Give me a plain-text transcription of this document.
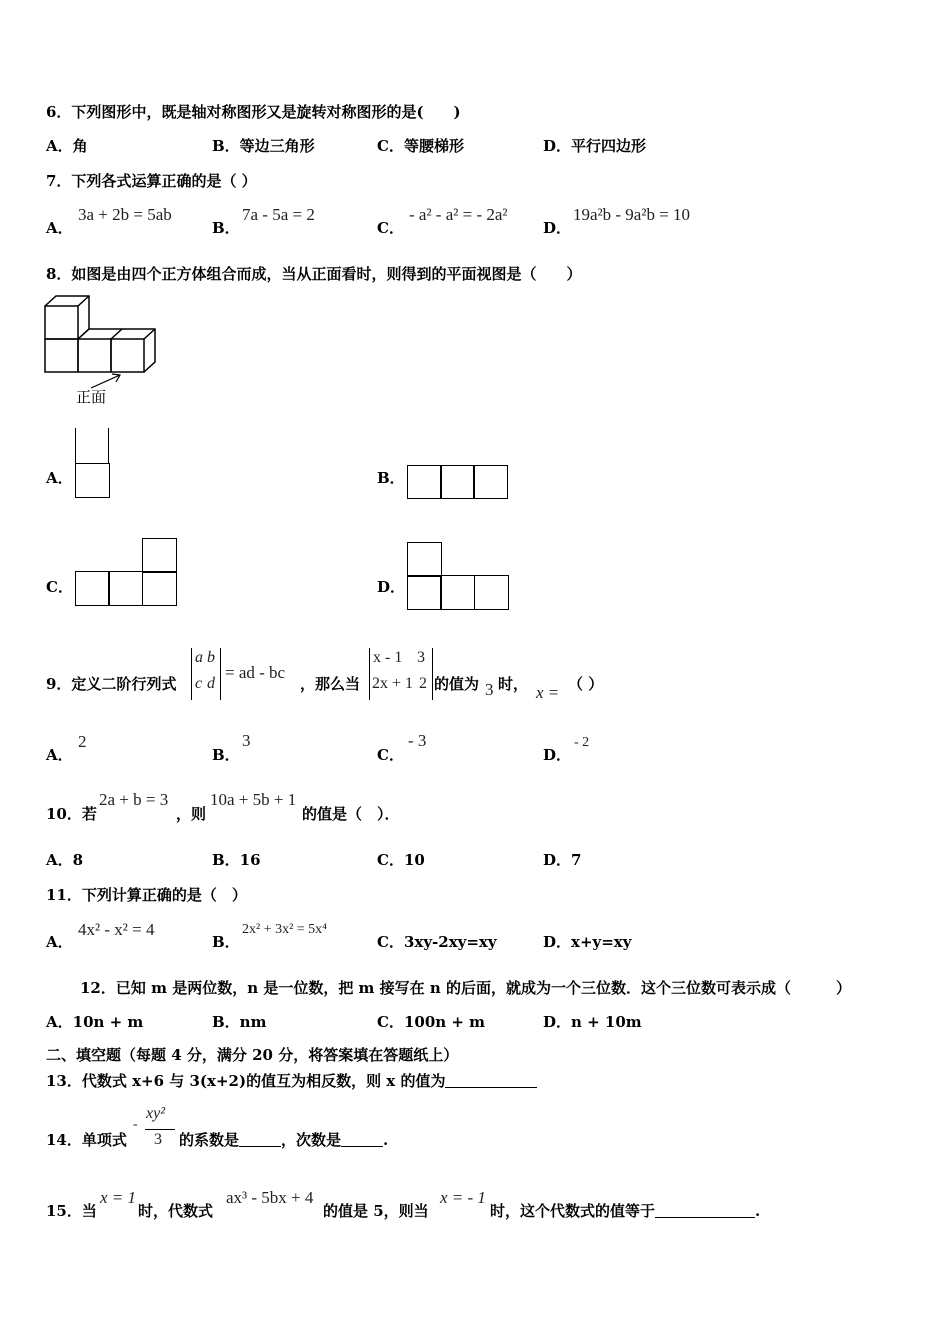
6．下列图形中，既是轴对称图形又是旋转对称图形的是(　　)
A．角	B．等边三角形	C．等腰梯形	D．平行四边形
7．下列各式运算正确的是（ ）
A．
3a + 2b = 5ab
B．
7a - 5a = 2
C．
- a² - a² = - 2a²
D．
19a²b - 9a²b = 10
8．如图是由四个正方体组合而成，当从正面看时，则得到的平面视图是（　　）
正面
A．	B．
C．	D．
9．定义二阶行列式
a b
c d
= ad - bc
，那么当
x - 1 3
2x + 1 2 的值为 3 时， x = （ ）
A．
2
B．
3
C．
- 3
D．
- 2
10．若
2a + b = 3
，则
10a + 5b + 1
的值是（　）．
A．8	B．16	C．10	D．7
11．下列计算正确的是（　）
A．
4x² - x² = 4
B．
2x² + 3x² = 5x⁴
C．3xy-2xy=xy	D．x+y=xy
12．已知 m 是两位数，n 是一位数，把 m 接写在 n 的后面，就成为一个三位数．这个三位数可表示成（　　　）
A．10n + m	B．nm	C．100n + m	D．n + 10m
二、填空题（每题 4 分，满分 20 分，将答案填在答题纸上）
13．代数式 x+6 与 3(x+2)的值互为相反数，则 x 的值为
14．单项式
-
xy²
3 的系数是	，次数是	.
15．当
x = 1
时，代数式
ax³ - 5bx + 4
的值是 5，则当
x = - 1
时，这个代数式的值等于	.
